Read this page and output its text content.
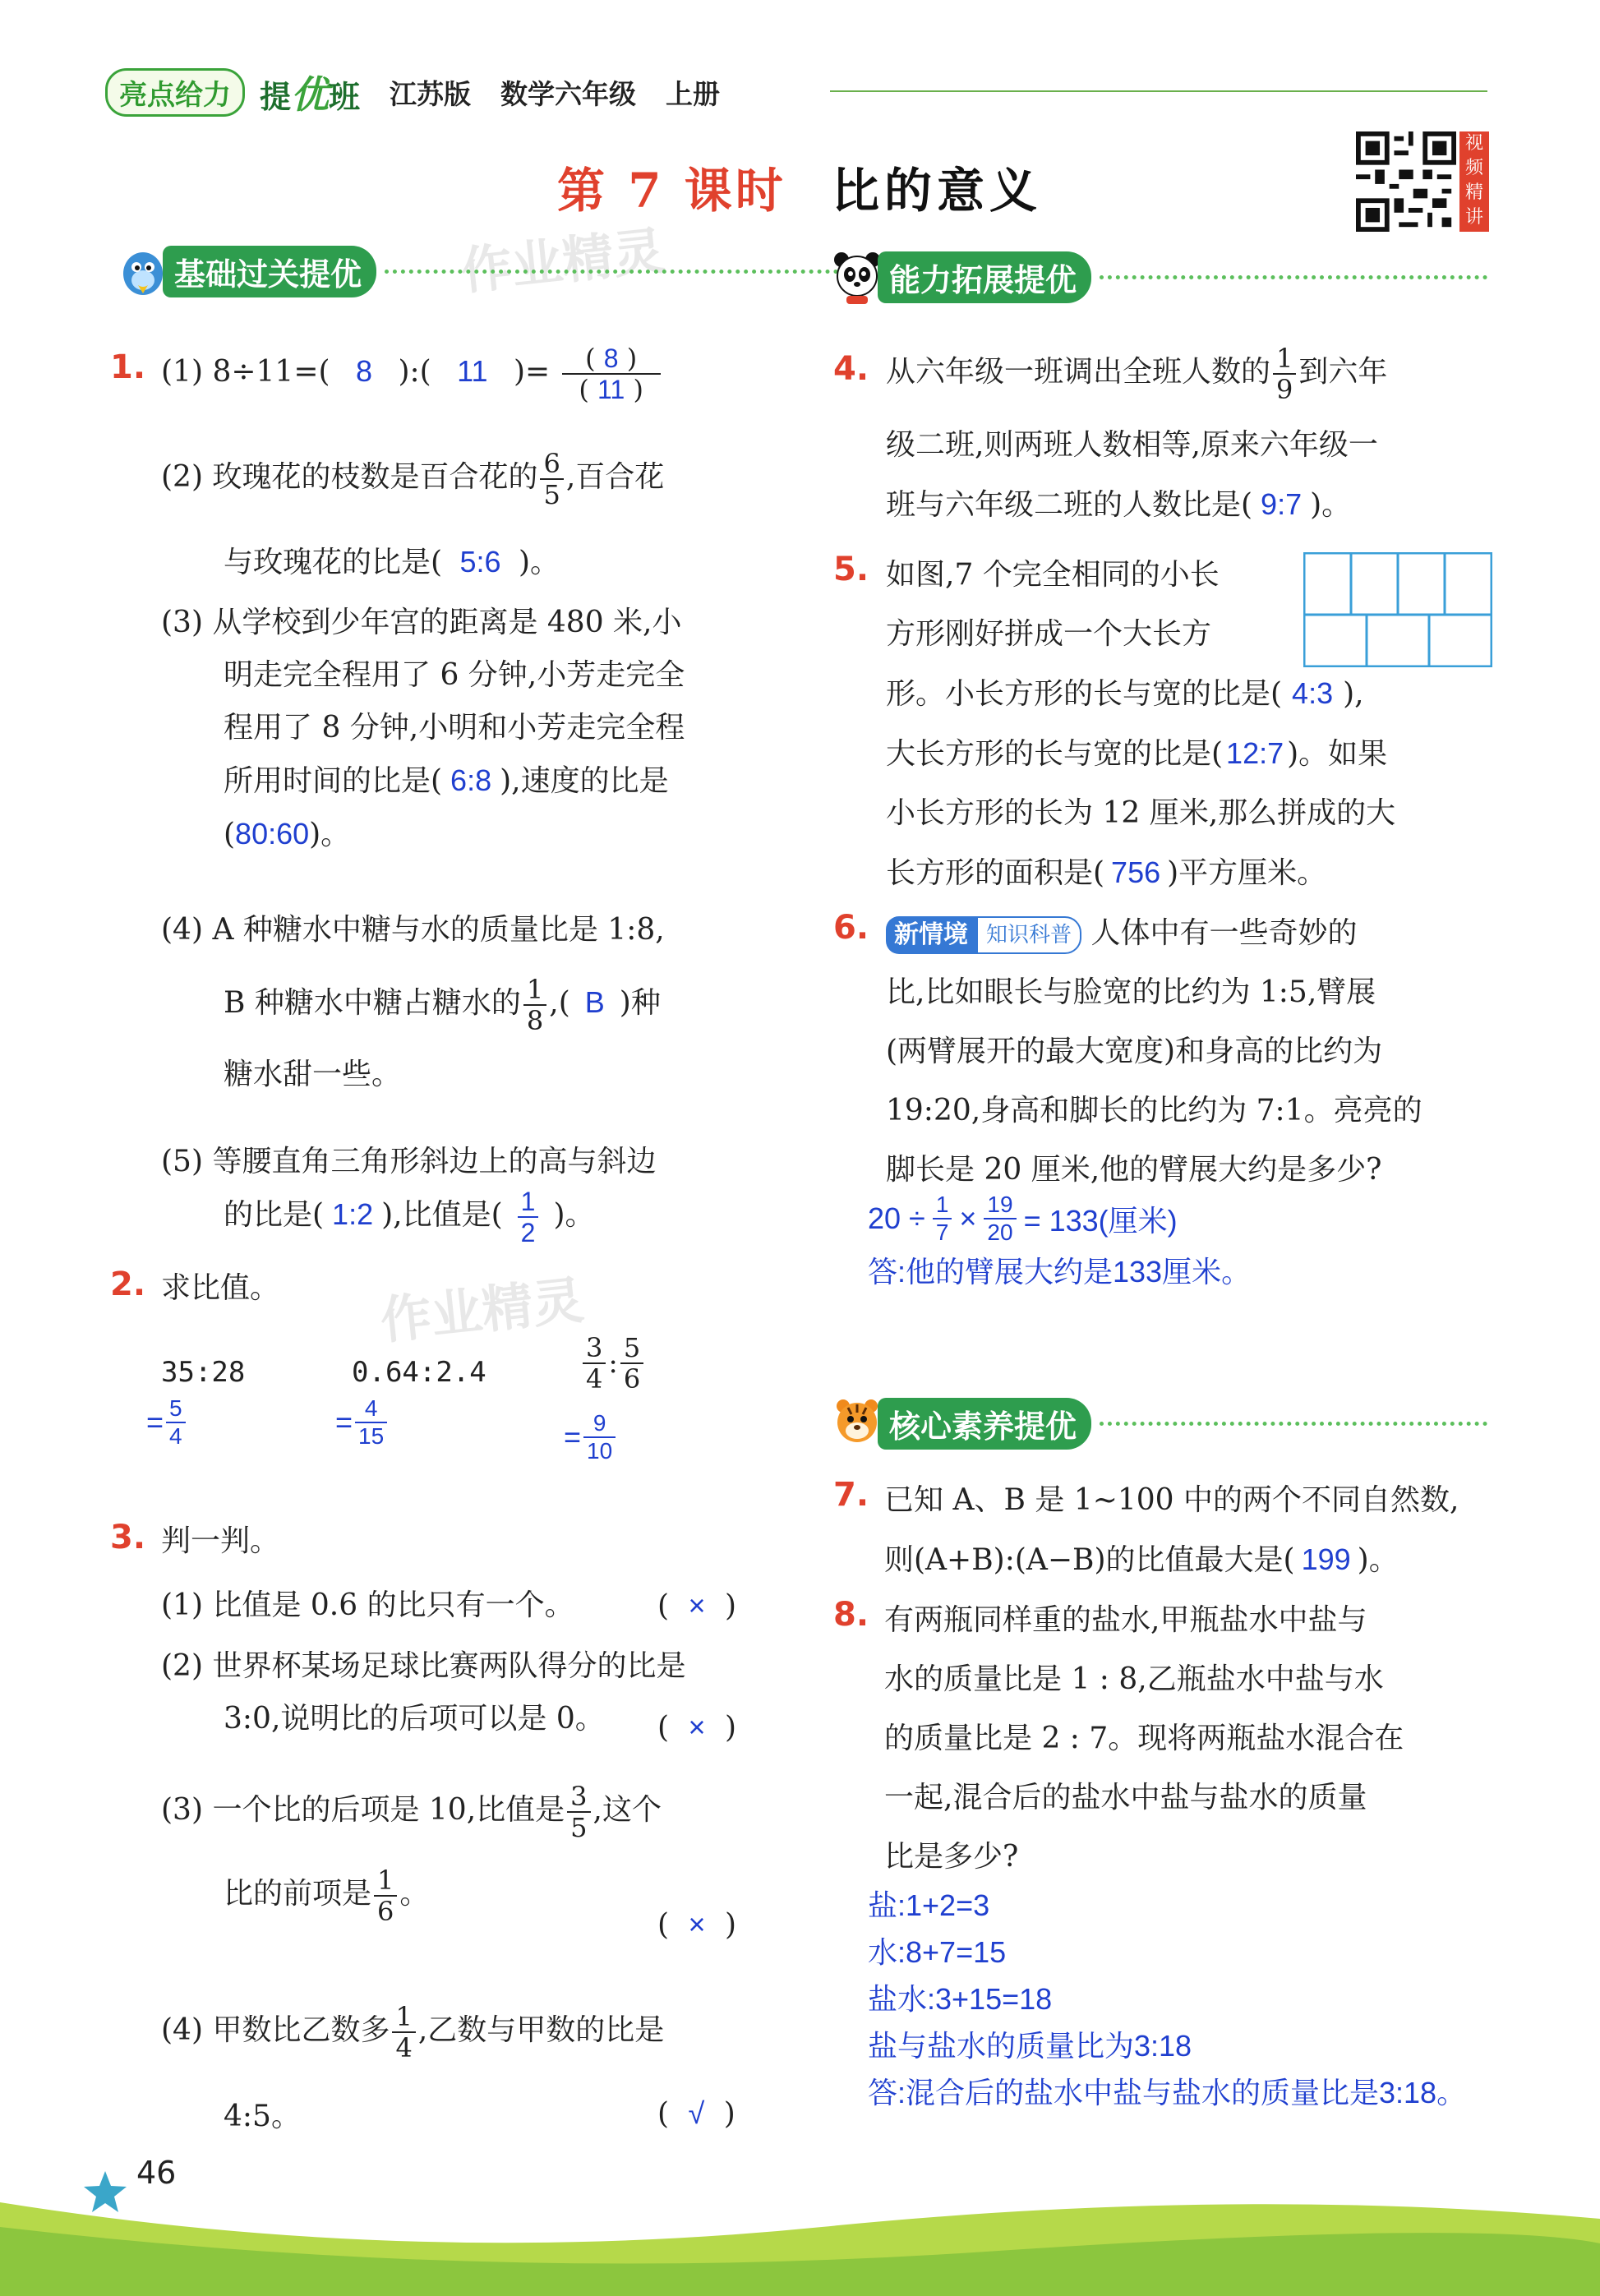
亮点给力 提优班 江苏版 数学六年级 上册
第 7 课时 比的意义
视
频
精
讲
作业精灵
作业精灵
基础过关提优	能力拓展提优
核心素养提优
1. (1) 8÷11=( 8 ):( 11 )= $\frac{( 8 )}{( 11 )}$
(2) 玫瑰花的枝数是百合花的 $\frac{6}{5}$ ,百合花
与玫瑰花的比是( 5:6 )。
(3) 从学校到少年宫的距离是 480 米,小
明走完全程用了 6 分钟,小芳走完全
程用了 8 分钟,小明和小芳走完全程
所用时间的比是( 6:8 ),速度的比是
(80:60)。
(4) A 种糖水中糖与水的质量比是 1:8,
B 种糖水中糖占糖水的 $\frac{1}{8}$ ,( B )种
糖水甜一些。
(5) 等腰直角三角形斜边上的高与斜边
的比是( 1:2 ),比值是( $\frac{1}{2}$ )。
2. 求比值。
35:28
= $\frac{5}{4}$
0.64:2.4
= $\frac{4}{15}$
$\frac{3}{4}$ : $\frac{5}{6}$
= $\frac{9}{10}$
3. 判一判。
(1) 比值是 0.6 的比只有一个。	( × )
(2) 世界杯某场足球比赛两队得分的比是
3:0,说明比的后项可以是 0。	( × )
(3) 一个比的后项是 10,比值是 $\frac{3}{5}$ ,这个
比的前项是 $\frac{1}{6}$ 。
( × )
(4) 甲数比乙数多 $\frac{1}{4}$ ,乙数与甲数的比是
4:5。	( √ )
4. 从六年级一班调出全班人数的 $\frac{1}{9}$ 到六年
级二班,则两班人数相等,原来六年级一
班与六年级二班的人数比是( 9:7 )。
5. 如图,7 个完全相同的小长
方形刚好拼成一个大长方
形。小长方形的长与宽的比是( 4:3 ),
大长方形的长与宽的比是( 12:7 )。如果
小长方形的长为 12 厘米,那么拼成的大
长方形的面积是( 756 )平方厘米。
6.	新情境 知识科普 人体中有一些奇妙的
比,比如眼长与脸宽的比约为 1:5,臂展
(两臂展开的最大宽度)和身高的比约为
19:20,身高和脚长的比约为 7:1。亮亮的
脚长是 20 厘米,他的臂展大约是多少?
$20 \div \frac{1}{7} \times \frac{19}{20} = 133$(厘米)
答:他的臂展大约是133厘米。
7. 已知 A、B 是 1~100 中的两个不同自然数,
则(A+B):(A−B)的比值最大是( 199 )。
8. 有两瓶同样重的盐水,甲瓶盐水中盐与
水的质量比是 1 : 8,乙瓶盐水中盐与水
的质量比是 2 : 7。现将两瓶盐水混合在
一起,混合后的盐水中盐与盐水的质量
比是多少?
盐:1+2=3
水:8+7=15
盐水:3+15=18
盐与盐水的质量比为3:18
答:混合后的盐水中盐与盐水的质量比是3:18。
46
